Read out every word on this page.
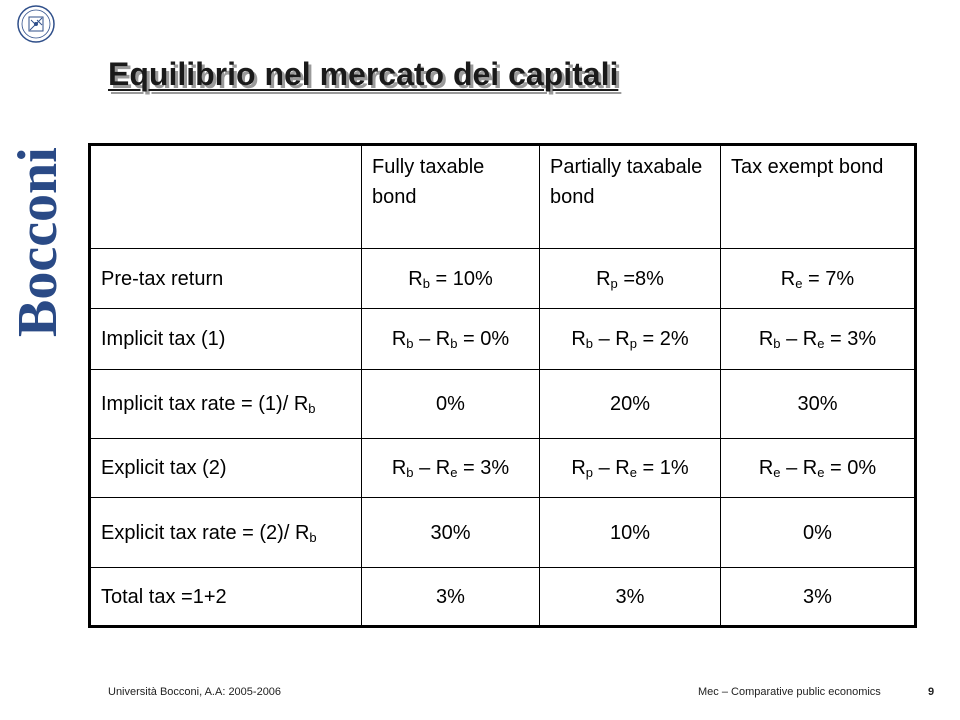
Bocconi
Equilibrio nel mercato dei capitali
	Fully taxable bond	Partially taxabale bond	Tax exempt bond
Pre-tax return	$R_b = 10\%$	$R_p =8\%$	$R_e = 7\%$
Implicit tax (1)	$R_b - R_b = 0\%$	$R_b - R_p = 2\%$	$R_b - R_e = 3\%$
Implicit tax rate = (1)/ $R_b$	0%	20%	30%
Explicit tax (2)	$R_b - R_e = 3\%$	$R_p - R_e = 1\%$	$R_e - R_e = 0\%$
Explicit tax rate = (2)/ $R_b$	30%	10%	0%
Total tax =1+2	3%	3%	3%
Università Bocconi, A.A: 2005-2006	Mec – Comparative public economics	9
